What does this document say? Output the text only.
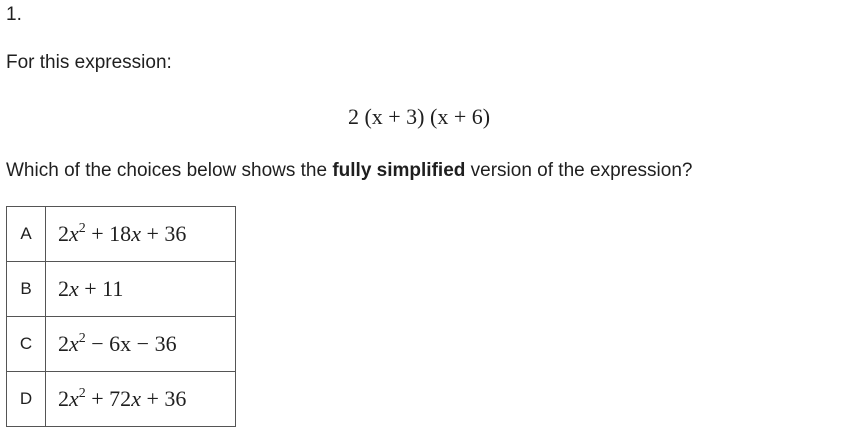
1.
For this expression:
2 (x + 3) (x + 6)
Which of the choices below shows the fully simplified version of the expression?
A	$2x^2 + 18x + 36$
B	2x + 11
C	$2x^2 - 6x - 36$
D	$2x^2 + 72x + 36$
